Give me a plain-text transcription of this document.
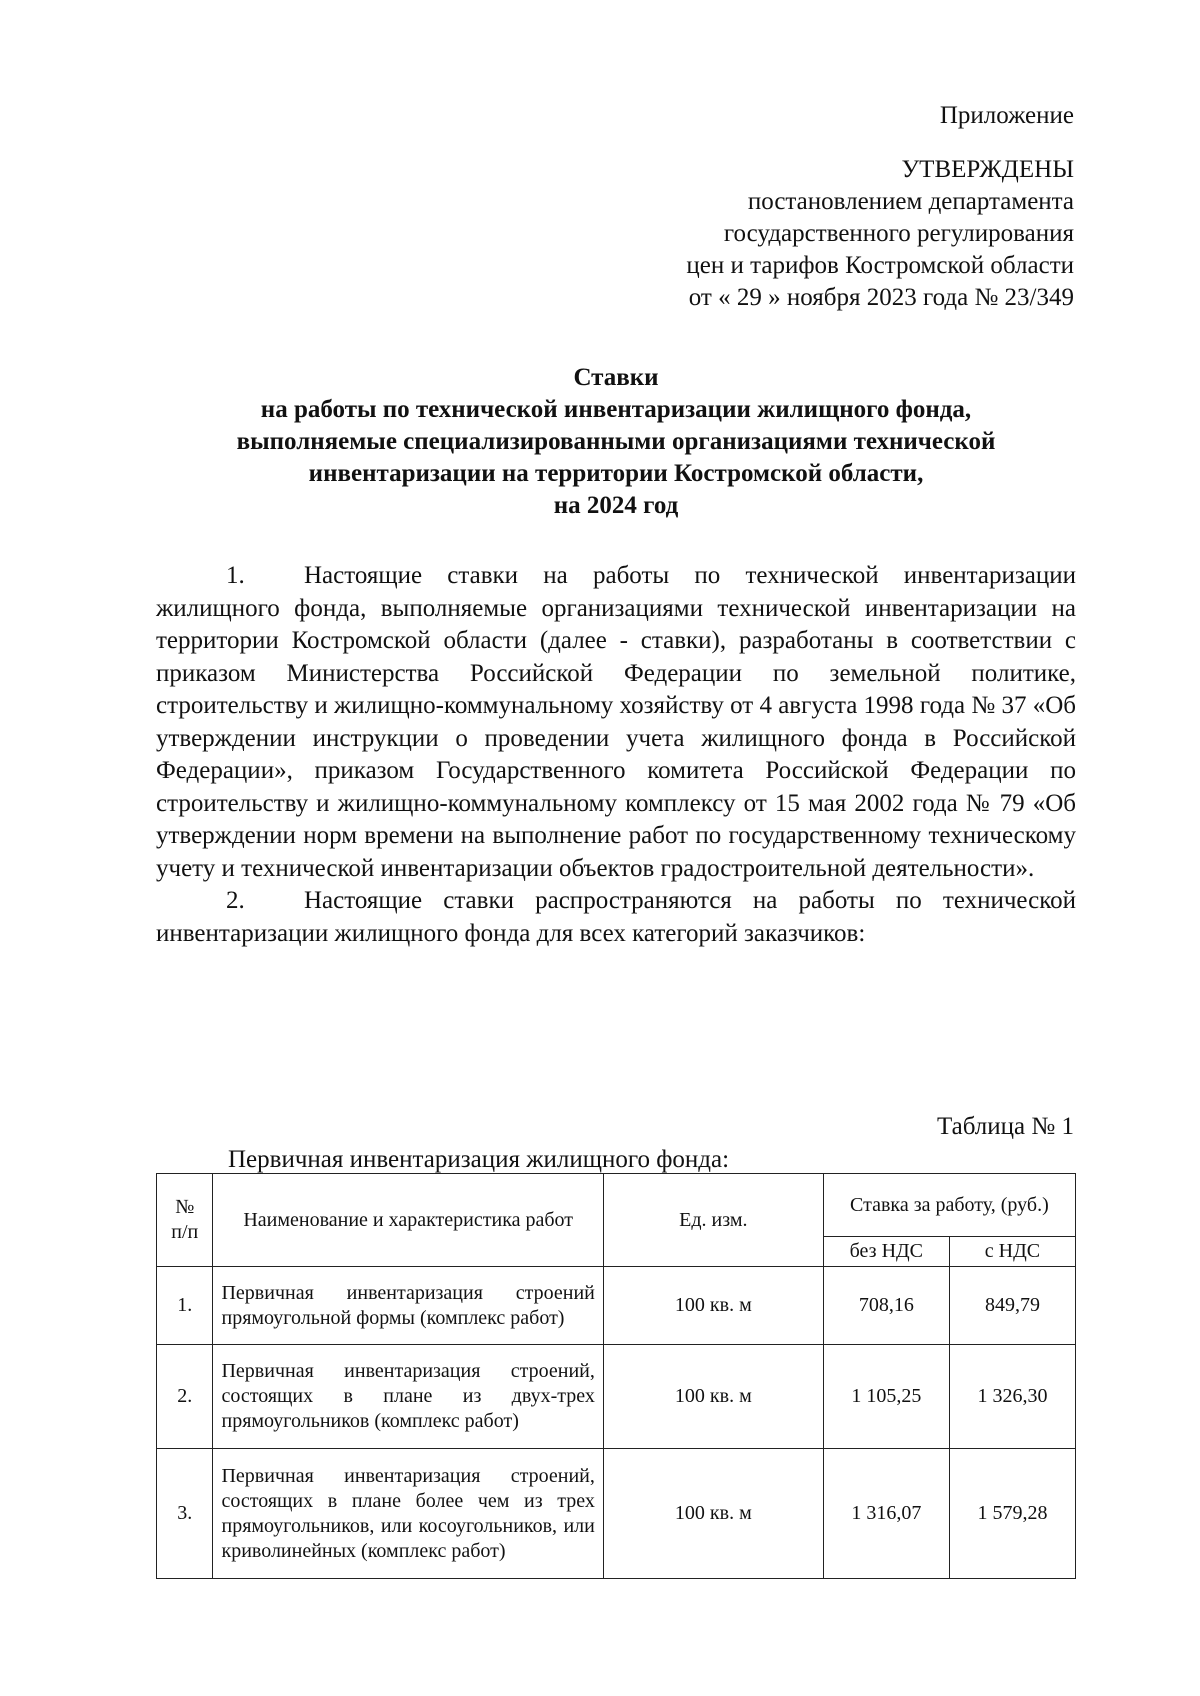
Приложение
УТВЕРЖДЕНЫ
постановлением департамента
государственного регулирования
цен и тарифов Костромской области
от « 29 » ноября 2023 года № 23/349
Ставки
на работы по технической инвентаризации жилищного фонда,
выполняемые специализированными организациями технической
инвентаризации на территории Костромской области,
на 2024 год

1. Настоящие ставки на работы по технической инвентаризации жилищного фонда, выполняемые организациями технической инвентаризации на территории Костромской области (далее - ставки), разработаны в соответствии с приказом Министерства Российской Федерации по земельной политике, строительству и жилищно-коммунальному хозяйству от 4 августа 1998 года № 37 «Об утверждении инструкции о проведении учета жилищного фонда в Российской Федерации», приказом Государственного комитета Российской Федерации по строительству и жилищно-коммунальному комплексу от 15 мая 2002 года № 79 «Об утверждении норм времени на выполнение работ по государственному техническому учету и технической инвентаризации объектов градостроительной деятельности».

2. Настоящие ставки распространяются на работы по технической инвентаризации жилищного фонда для всех категорий заказчиков:

Таблица № 1
Первичная инвентаризация жилищного фонда:
№ п/п	Наименование и характеристика работ	Ед. изм.	Ставка за работу, (руб.)	
			без НДС	с НДС
1.	Первичная инвентаризация строений прямоугольной формы (комплекс работ)	100 кв. м	708,16	849,79
2.	Первичная инвентаризация строений, состоящих в плане из двух-трех прямоугольников (комплекс работ)	100 кв. м	1 105,25	1 326,30
3.	Первичная инвентаризация строений, состоящих в плане более чем из трех прямоугольников, или косоугольников, или криволинейных (комплекс работ)	100 кв. м	1 316,07	1 579,28
